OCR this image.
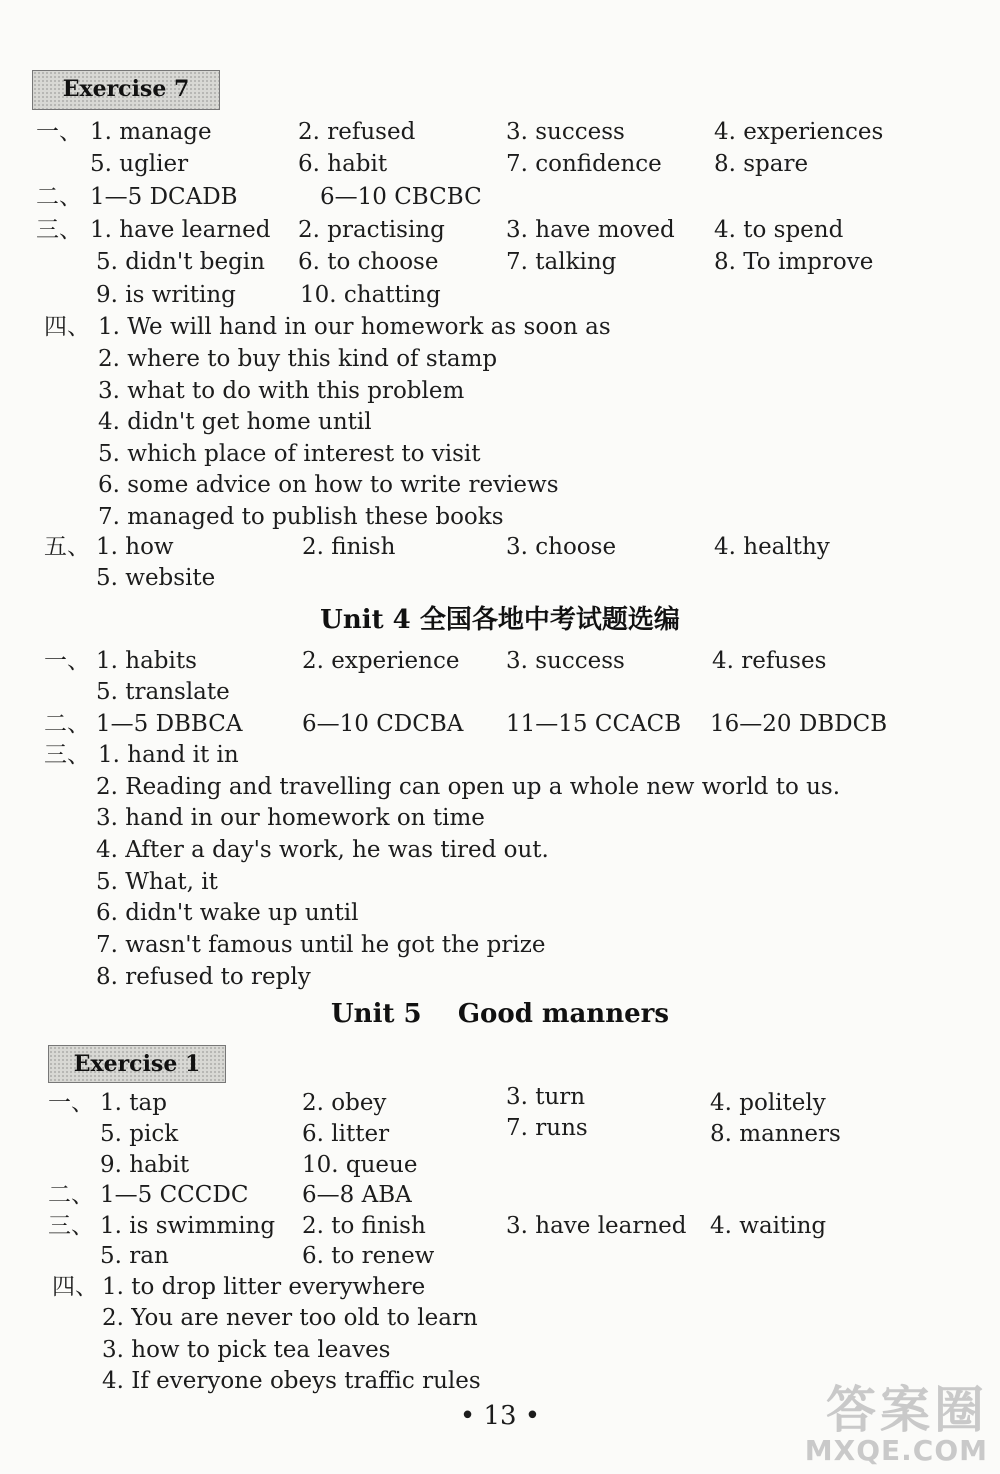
Exercise 7
一、 1. manage	2. refused	3. success	4. experiences
5. uglier	6. habit	7. confidence 8. spare
二、 1—5 DCADB	6—10 CBCBC
三、 1. have learned 2. practising	3. have moved 4. to spend
5. didn't begin 6. to choose	7. talking	8. To improve
9. is writing	10. chatting
四、 1. We will hand in our homework as soon as
2. where to buy this kind of stamp
3. what to do with this problem
4. didn't get home until
5. which place of interest to visit
6. some advice on how to write reviews
7. managed to publish these books
五、 1. how	2. finish	3. choose	4. healthy
5. website
Unit 4 全国各地中考试题选编
一、 1. habits	2. experience 3. success	4. refuses
5. translate
二、 1—5 DBBCA	6—10 CDCBA 11—15 CCACB 16—20 DBDCB
三、 1. hand it in
2. Reading and travelling can open up a whole new world to us.
3. hand in our homework on time
4. After a day's work, he was tired out.
5. What, it
6. didn't wake up until
7. wasn't famous until he got the prize
8. refused to reply
Unit 5    Good manners
Exercise 1
一、 1. tap	2. obey	3. turn	4. politely
5. pick	6. litter	7. runs	8. manners
9. habit	10. queue
二、 1—5 CCCDC 6—8 ABA
三、 1. is swimming 2. to finish	3. have learned 4. waiting
5. ran	6. to renew
四、 1. to drop litter everywhere
2. You are never too old to learn
3. how to pick tea leaves
4. If everyone obeys traffic rules
• 13 •	答案圈
MXQE.COM
